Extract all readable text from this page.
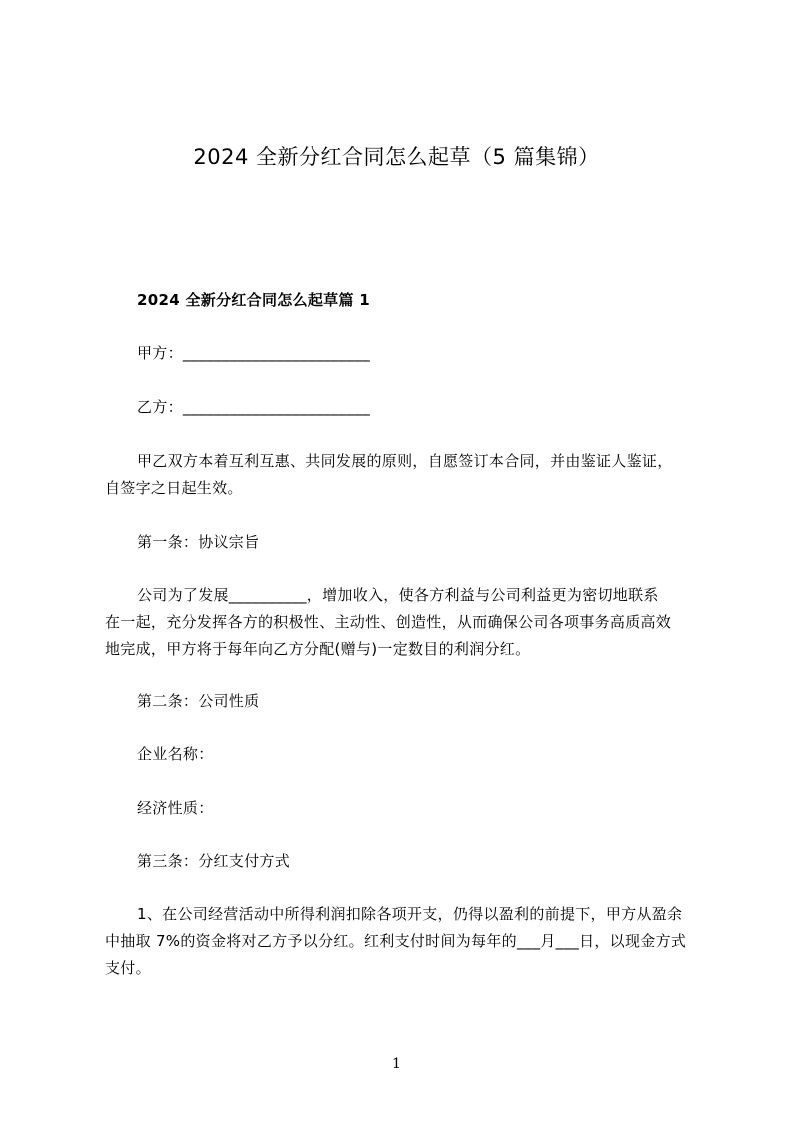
2024 全新分红合同怎么起草（5 篇集锦）
2024 全新分红合同怎么起草篇 1
甲方：________________________
乙方：________________________
甲乙双方本着互利互惠、共同发展的原则，自愿签订本合同，并由鉴证人鉴证，
自签字之日起生效。
第一条：协议宗旨
公司为了发展__________，增加收入，使各方利益与公司利益更为密切地联系
在一起，充分发挥各方的积极性、主动性、创造性，从而确保公司各项事务高质高效
地完成，甲方将于每年向乙方分配(赠与)一定数目的利润分红。
第二条：公司性质
企业名称：
经济性质：
第三条：分红支付方式
1、在公司经营活动中所得利润扣除各项开支，仍得以盈利的前提下，甲方从盈余
中抽取 7%的资金将对乙方予以分红。红利支付时间为每年的___月___日，以现金方式
支付。
1
